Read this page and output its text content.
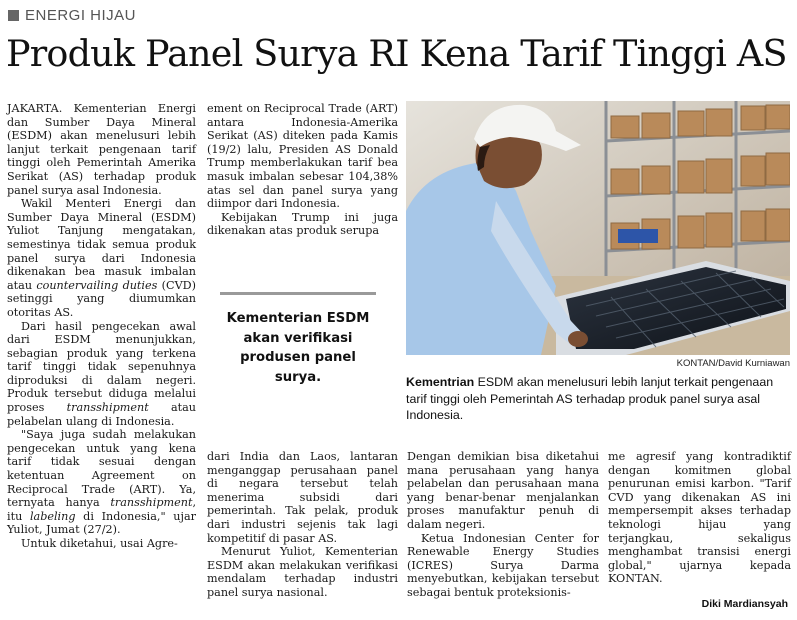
ENERGI HIJAU
Produk Panel Surya RI Kena Tarif Tinggi AS

JAKARTA. Kementerian Energi dan Sumber Daya Mineral (ESDM) akan menelusuri lebih lanjut terkait pengenaan tarif tinggi oleh Pemerintah Amerika Serikat (AS) terhadap produk panel surya asal Indonesia.

Wakil Menteri Energi dan Sumber Daya Mineral (ESDM) Yuliot Tanjung mengatakan, semestinya tidak semua produk panel surya dari Indonesia dikenakan bea masuk imbalan atau countervailing duties (CVD) setinggi yang diumumkan otoritas AS.

Dari hasil pengecekan awal dari ESDM menunjukkan, sebagian produk yang terkena tarif tinggi tidak sepenuhnya diproduksi di dalam negeri. Produk tersebut diduga melalui proses transshipment atau pelabelan ulang di Indonesia.

"Saya juga sudah melakukan pengecekan untuk yang kena tarif tidak sesuai dengan ketentuan Agreement on Reciprocal Trade (ART). Ya, ternyata hanya transshipment, itu labeling di Indonesia," ujar Yuliot, Jumat (27/2).

Untuk diketahui, usai Agre-

ement on Reciprocal Trade (ART) antara Indonesia-Amerika Serikat (AS) diteken pada Kamis (19/2) lalu, Presiden AS Donald Trump memberlakukan tarif bea masuk imbalan sebesar 104,38% atas sel dan panel surya yang diimpor dari Indonesia.

Kebijakan Trump ini juga dikenakan atas produk serupa

Kementerian ESDM akan verifikasi produsen panel surya.

dari India dan Laos, lantaran menganggap perusahaan panel di negara tersebut telah menerima subsidi dari pemerintah. Tak pelak, produk dari industri sejenis tak lagi kompetitif di pasar AS.

Menurut Yuliot, Kementerian ESDM akan melakukan verifikasi mendalam terhadap industri panel surya nasional.

Dengan demikian bisa diketahui mana perusahaan yang hanya pelabelan dan perusahaan mana yang benar-benar menjalankan proses manufaktur penuh di dalam negeri.

Ketua Indonesian Center for Renewable Energy Studies (ICRES) Surya Darma menyebutkan, kebijakan tersebut sebagai bentuk proteksionis-

me agresif yang kontradiktif dengan komitmen global penurunan emisi karbon. "Tarif CVD yang dikenakan AS ini mempersempit akses terhadap teknologi hijau yang terjangkau, sekaligus menghambat transisi energi global," ujarnya kepada KONTAN.

KONTAN/David Kurniawan
Kementrian ESDM akan menelusuri lebih lanjut terkait pengenaan tarif tinggi oleh Pemerintah AS terhadap produk panel surya asal Indonesia.
Diki Mardiansyah
